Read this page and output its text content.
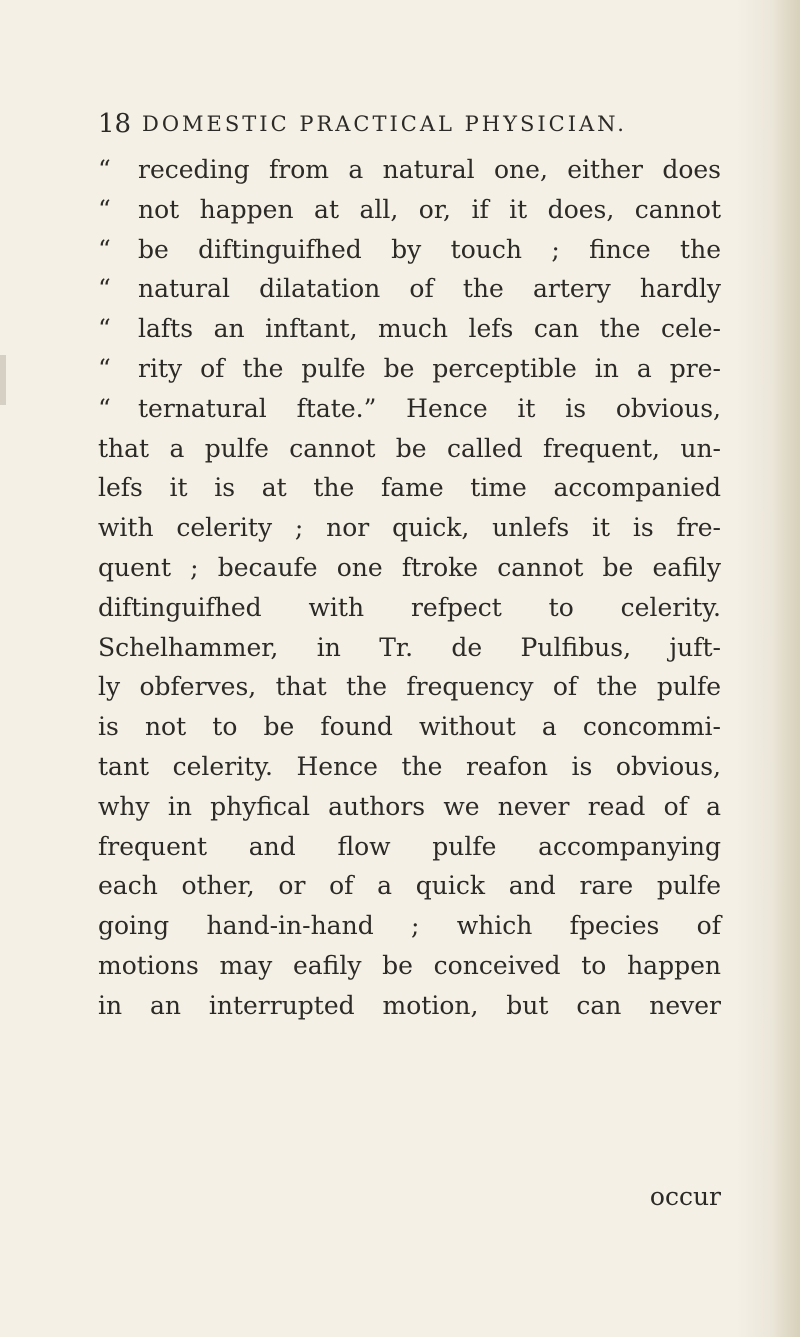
18 DOMESTIC PRACTICAL PHYSICIAN.
“ receding from a natural one, either does
“ not happen at all, or, if it does, cannot
“ be diftinguifhed by touch ; fince the
“ natural dilatation of the artery hardly
“ lafts an inftant, much lefs can the cele-
“ rity of the pulfe be perceptible in a pre-
“ ternatural ftate.” Hence it is obvious,
that a pulfe cannot be called frequent, un-
lefs it is at the fame time accompanied
with celerity ; nor quick, unlefs it is fre-
quent ; becaufe one ftroke cannot be eafily
diftinguifhed with refpect to celerity.
Schelhammer, in Tr. de Pulfibus, juft-
ly obferves, that the frequency of the pulfe
is not to be found without a concommi-
tant celerity. Hence the reafon is obvious,
why in phyfical authors we never read of a
frequent and flow pulfe accompanying
each other, or of a quick and rare pulfe
going hand-in-hand ; which fpecies of
motions may eafily be conceived to happen
in an interrupted motion, but can never
occur
